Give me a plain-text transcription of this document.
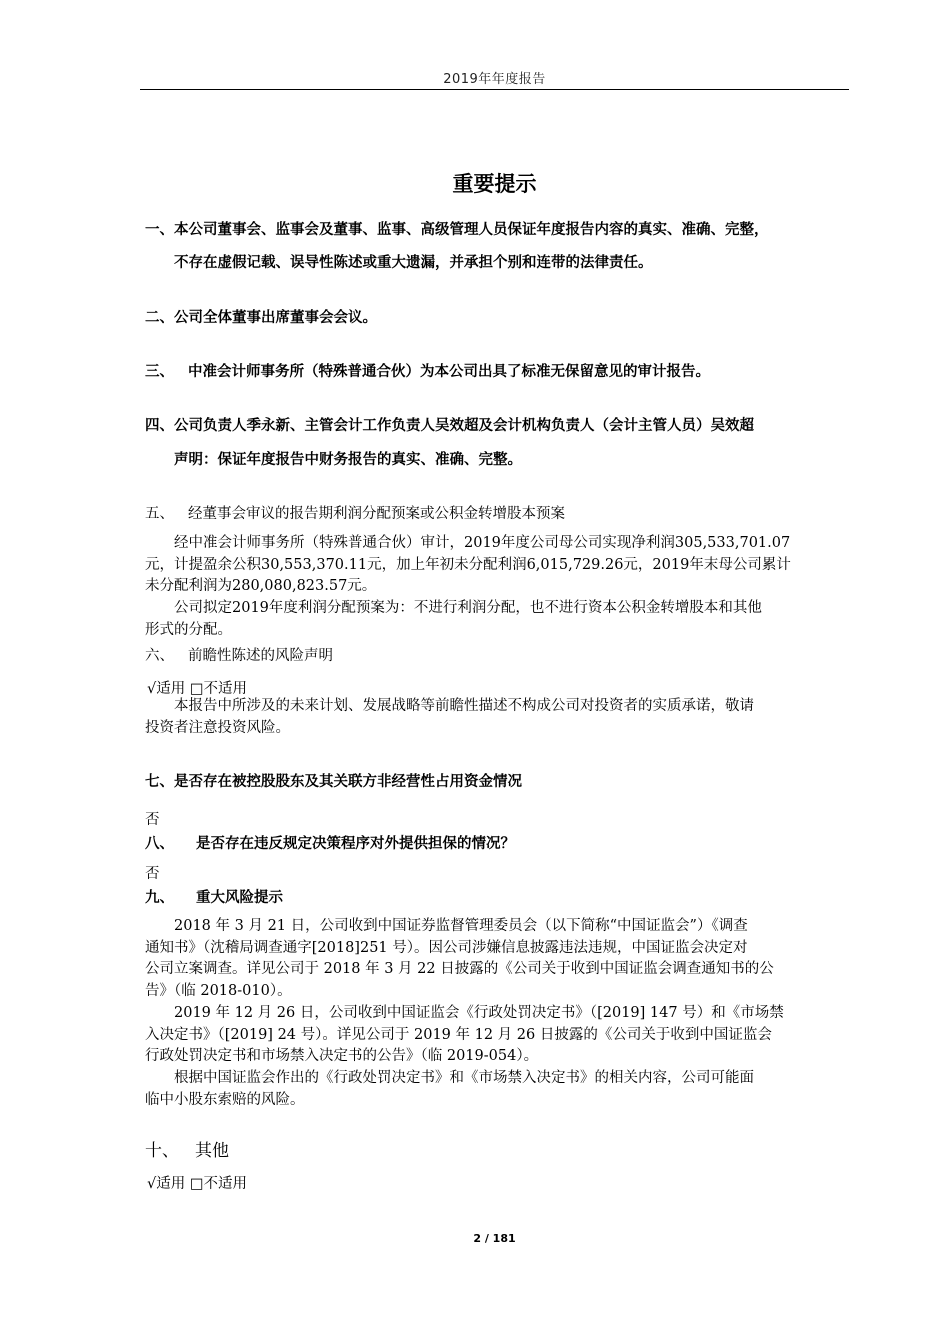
2019年年度报告
重要提示
一、本公司董事会、监事会及董事、监事、高级管理人员保证年度报告内容的真实、准确、完整，
不存在虚假记载、误导性陈述或重大遗漏，并承担个别和连带的法律责任。
二、公司全体董事出席董事会会议。
三、 中准会计师事务所（特殊普通合伙）为本公司出具了标准无保留意见的审计报告。
四、公司负责人季永新、主管会计工作负责人吴效超及会计机构负责人（会计主管人员）吴效超
声明：保证年度报告中财务报告的真实、准确、完整。
五、 经董事会审议的报告期利润分配预案或公积金转增股本预案
　　经中准会计师事务所（特殊普通合伙）审计，2019年度公司母公司实现净利润305,533,701.07
元，计提盈余公积30,553,370.11元，加上年初未分配利润6,015,729.26元，2019年末母公司累计
未分配利润为280,080,823.57元。
　　公司拟定2019年度利润分配预案为：不进行利润分配，也不进行资本公积金转增股本和其他
形式的分配。
六、 前瞻性陈述的风险声明
√适用 □不适用
　　本报告中所涉及的未来计划、发展战略等前瞻性描述不构成公司对投资者的实质承诺，敬请
投资者注意投资风险。
七、是否存在被控股股东及其关联方非经营性占用资金情况
否
八、 是否存在违反规定决策程序对外提供担保的情况？
否
九、 重大风险提示
　　2018 年 3 月 21 日，公司收到中国证券监督管理委员会（以下简称“中国证监会”）《调查
通知书》（沈稽局调查通字[2018]251 号）。因公司涉嫌信息披露违法违规，中国证监会决定对
公司立案调查。详见公司于 2018 年 3 月 22 日披露的《公司关于收到中国证监会调查通知书的公
告》（临 2018-010）。
　　2019 年 12 月 26 日，公司收到中国证监会《行政处罚决定书》（[2019] 147 号）和《市场禁
入决定书》（[2019] 24 号）。详见公司于 2019 年 12 月 26 日披露的《公司关于收到中国证监会
行政处罚决定书和市场禁入决定书的公告》（临 2019-054）。
　　根据中国证监会作出的《行政处罚决定书》和《市场禁入决定书》的相关内容，公司可能面
临中小股东索赔的风险。
十、 其他
√适用 □不适用
2 / 181
